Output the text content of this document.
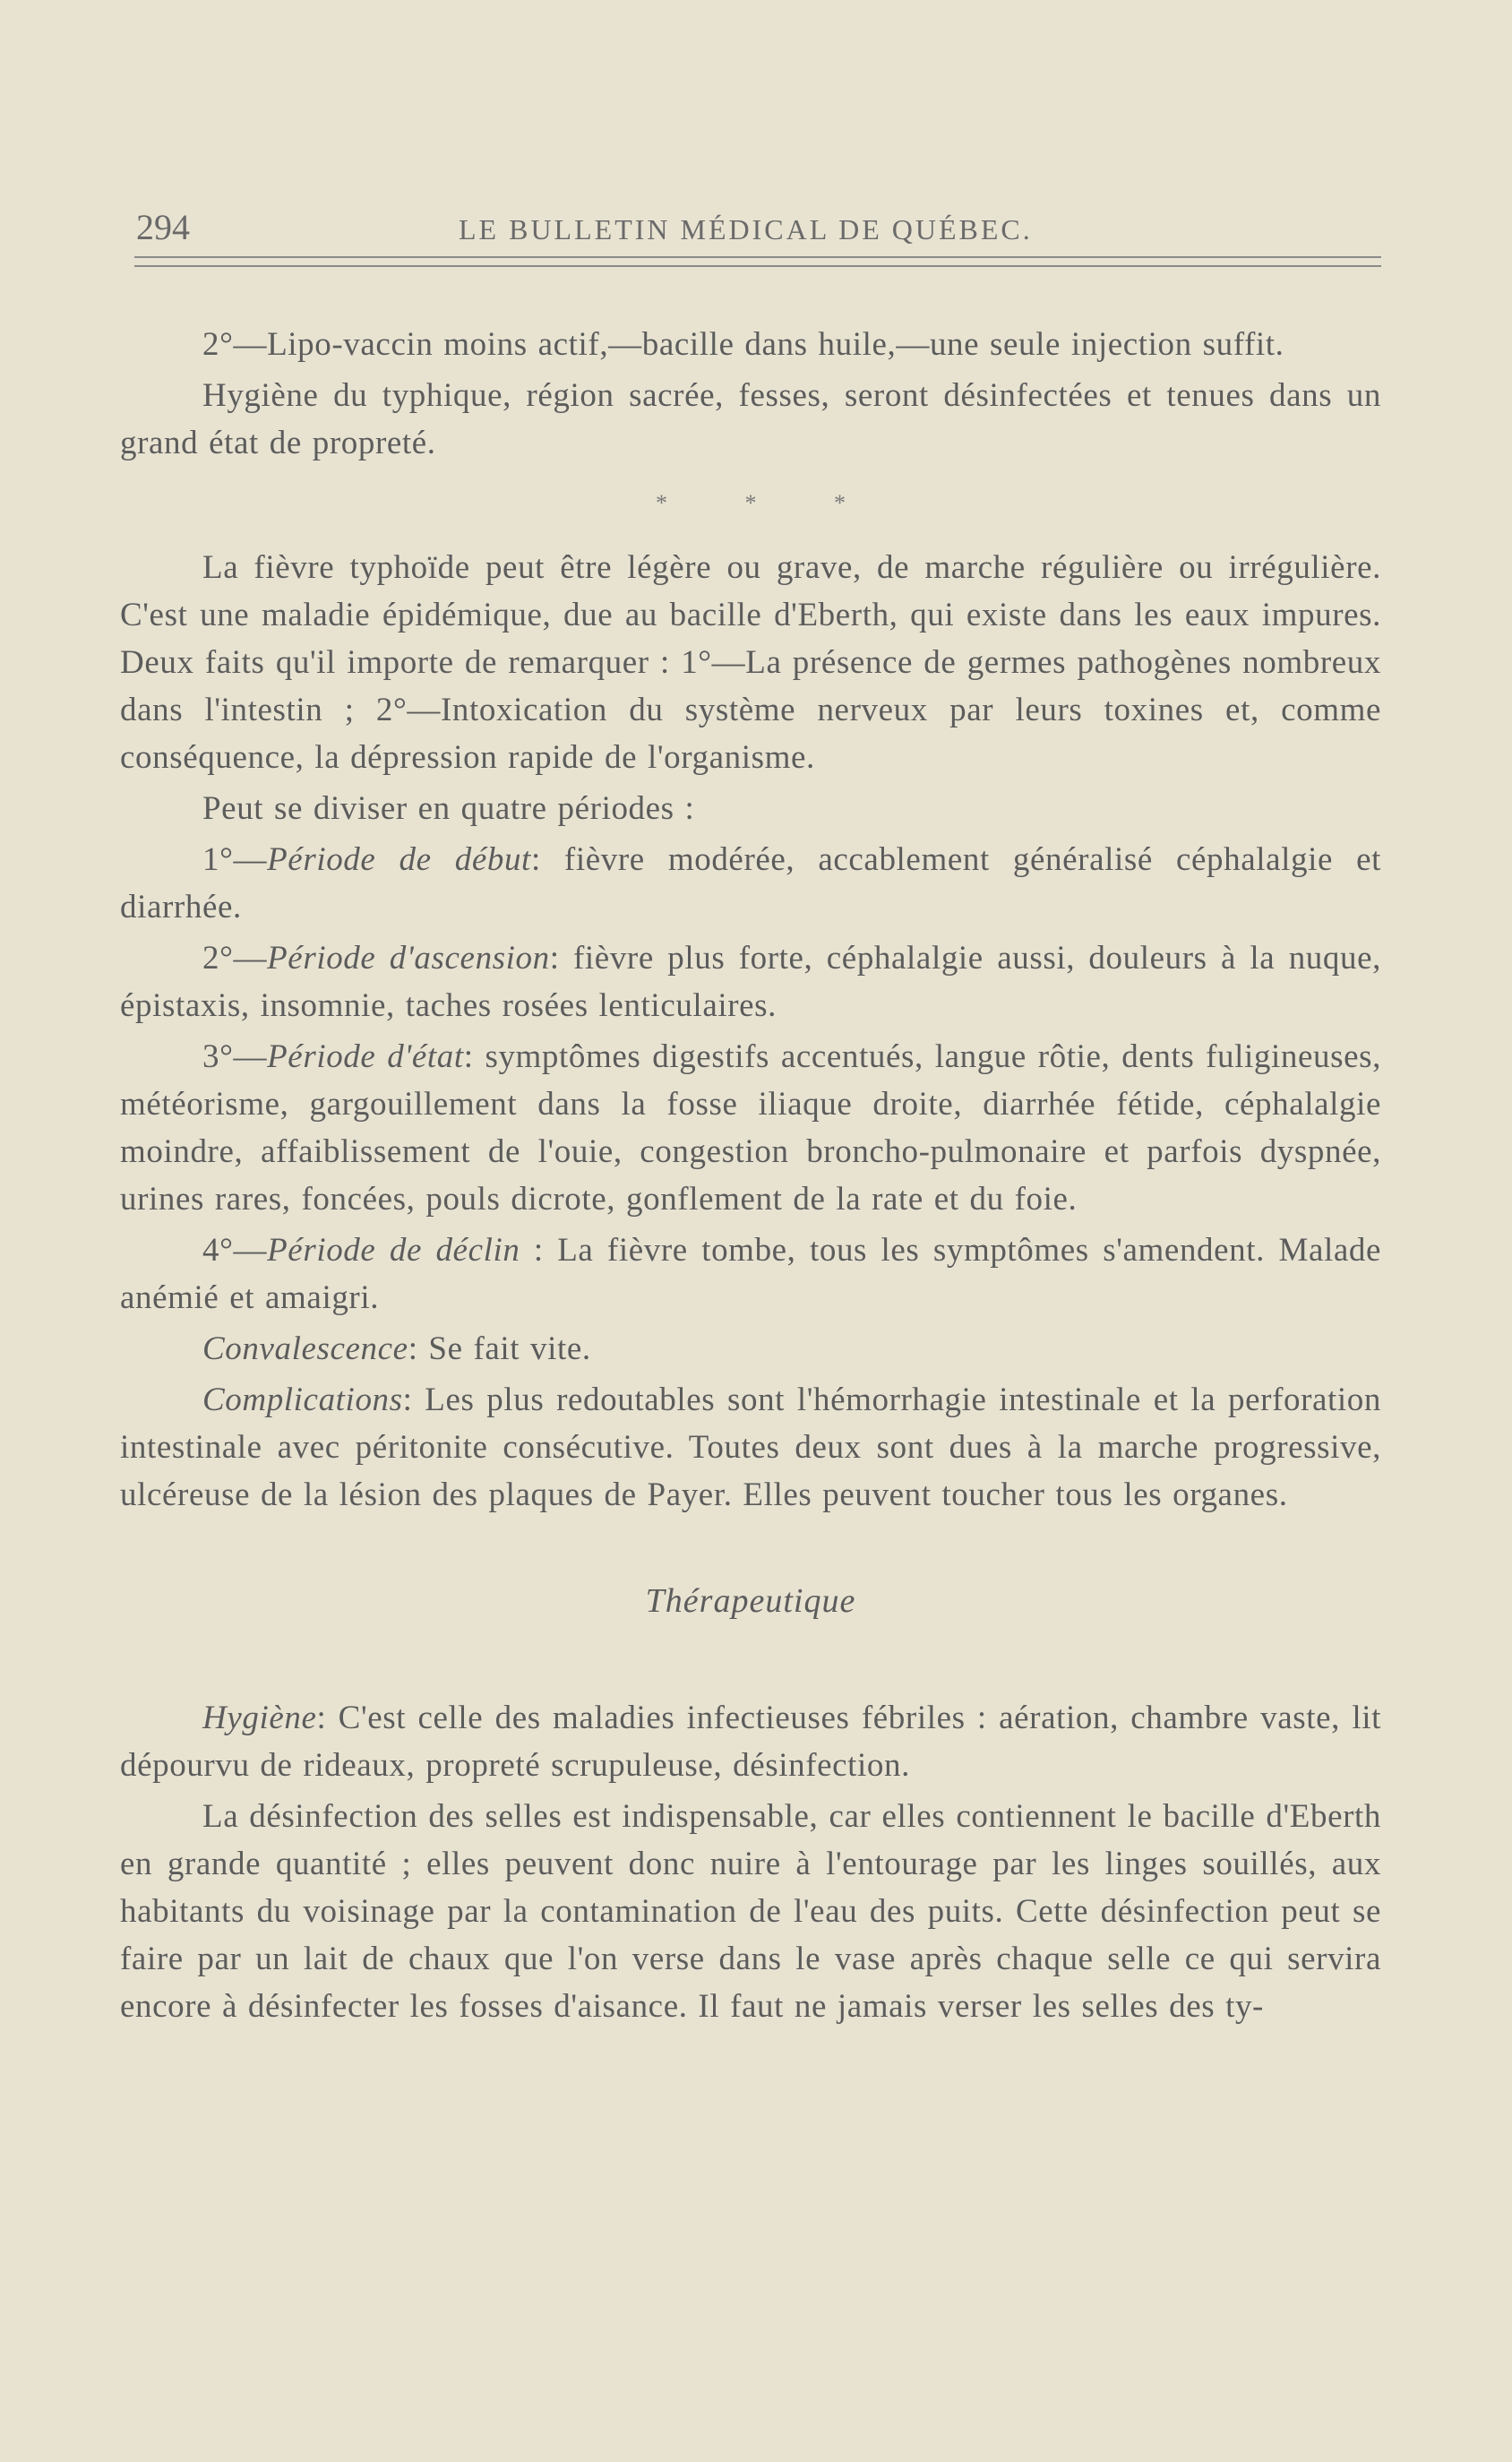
294	LE BULLETIN MÉDICAL DE QUÉBEC.

2°—Lipo-vaccin moins actif,—bacille dans huile,—une seule injection suffit.

Hygiène du typhique, région sacrée, fesses, seront désinfectées et tenues dans un grand état de propreté.

* * *

La fièvre typhoïde peut être légère ou grave, de marche régulière ou irrégulière. C'est une maladie épidémique, due au bacille d'Eberth, qui existe dans les eaux impures. Deux faits qu'il importe de remarquer : 1°—La présence de germes pathogènes nombreux dans l'intestin ; 2°—Intoxication du système nerveux par leurs toxines et, comme conséquence, la dépression rapide de l'organisme.

Peut se diviser en quatre périodes :

1°—Période de début: fièvre modérée, accablement généralisé céphalalgie et diarrhée.

2°—Période d'ascension: fièvre plus forte, céphalalgie aussi, douleurs à la nuque, épistaxis, insomnie, taches rosées lenticulaires.

3°—Période d'état: symptômes digestifs accentués, langue rôtie, dents fuligineuses, météorisme, gargouillement dans la fosse iliaque droite, diarrhée fétide, céphalalgie moindre, affaiblissement de l'ouie, congestion broncho-pulmonaire et parfois dyspnée, urines rares, foncées, pouls dicrote, gonflement de la rate et du foie.

4°—Période de déclin : La fièvre tombe, tous les symptômes s'amendent. Malade anémié et amaigri.

Convalescence: Se fait vite.

Complications: Les plus redoutables sont l'hémorrhagie intestinale et la perforation intestinale avec péritonite consécutive. Toutes deux sont dues à la marche progressive, ulcéreuse de la lésion des plaques de Payer. Elles peuvent toucher tous les organes.

Thérapeutique

Hygiène: C'est celle des maladies infectieuses fébriles : aération, chambre vaste, lit dépourvu de rideaux, propreté scrupuleuse, désinfection.

La désinfection des selles est indispensable, car elles contiennent le bacille d'Eberth en grande quantité ; elles peuvent donc nuire à l'entourage par les linges souillés, aux habitants du voisinage par la contamination de l'eau des puits. Cette désinfection peut se faire par un lait de chaux que l'on verse dans le vase après chaque selle ce qui servira encore à désinfecter les fosses d'aisance. Il faut ne jamais verser les selles des ty-
